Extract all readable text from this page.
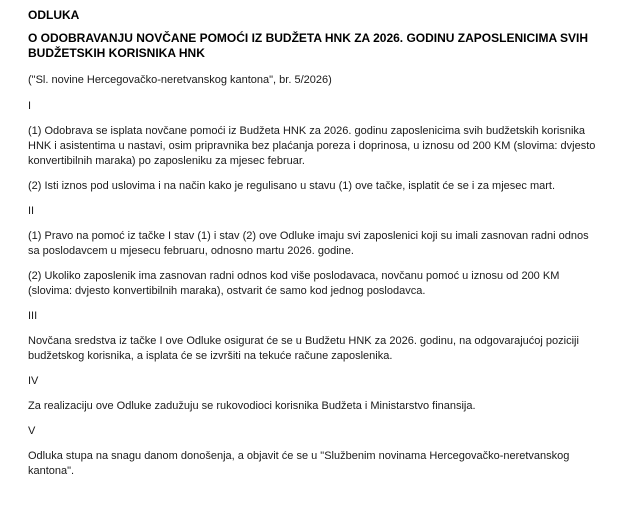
ODLUKA

O ODOBRAVANJU NOVČANE POMOĆI IZ BUDŽETA HNK ZA 2026. GODINU ZAPOSLENICIMA SVIH BUDŽETSKIH KORISNIKA HNK

("Sl. novine Hercegovačko-neretvanskog kantona", br. 5/2026)

I

(1) Odobrava se isplata novčane pomoći iz Budžeta HNK za 2026. godinu zaposlenicima svih budžetskih korisnika HNK i asistentima u nastavi, osim pripravnika bez plaćanja poreza i doprinosa, u iznosu od 200 KM (slovima: dvjesto konvertibilnih maraka) po zaposleniku za mjesec februar.

(2) Isti iznos pod uslovima i na način kako je regulisano u stavu (1) ove tačke, isplatit će se i za mjesec mart.

II

(1) Pravo na pomoć iz tačke I stav (1) i stav (2) ove Odluke imaju svi zaposlenici koji su imali zasnovan radni odnos sa poslodavcem u mjesecu februaru, odnosno martu 2026. godine.

(2) Ukoliko zaposlenik ima zasnovan radni odnos kod više poslodavaca, novčanu pomoć u iznosu od 200 KM (slovima: dvjesto konvertibilnih maraka), ostvarit će samo kod jednog poslodavca.

III

Novčana sredstva iz tačke I ove Odluke osigurat će se u Budžetu HNK za 2026. godinu, na odgovarajućoj poziciji budžetskog korisnika, a isplata će se izvršiti na tekuće račune zaposlenika.

IV

Za realizaciju ove Odluke zadužuju se rukovodioci korisnika Budžeta i Ministarstvo finansija.

V

Odluka stupa na snagu danom donošenja, a objavit će se u "Službenim novinama Hercegovačko-neretvanskog kantona".
